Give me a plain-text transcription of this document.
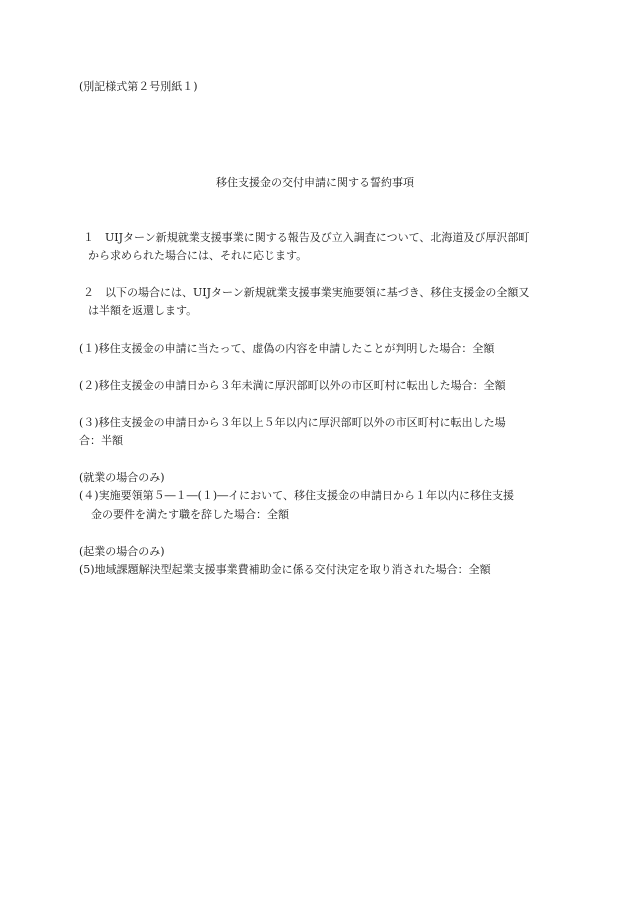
(別記様式第２号別紙１)
移住支援金の交付申請に関する誓約事項
１　UIJターン新規就業支援事業に関する報告及び立入調査について、北海道及び厚沢部町
から求められた場合には、それに応じます。
２　以下の場合には、UIJターン新規就業支援事業実施要領に基づき、移住支援金の全額又
は半額を返還します。
(１)移住支援金の申請に当たって、虚偽の内容を申請したことが判明した場合：全額
(２)移住支援金の申請日から３年未満に厚沢部町以外の市区町村に転出した場合：全額
(３)移住支援金の申請日から３年以上５年以内に厚沢部町以外の市区町村に転出した場
合：半額
(就業の場合のみ)
(４)実施要領第５―１―(１)―イにおいて、移住支援金の申請日から１年以内に移住支援
金の要件を満たす職を辞した場合：全額
(起業の場合のみ)
(5)地域課題解決型起業支援事業費補助金に係る交付決定を取り消された場合：全額
